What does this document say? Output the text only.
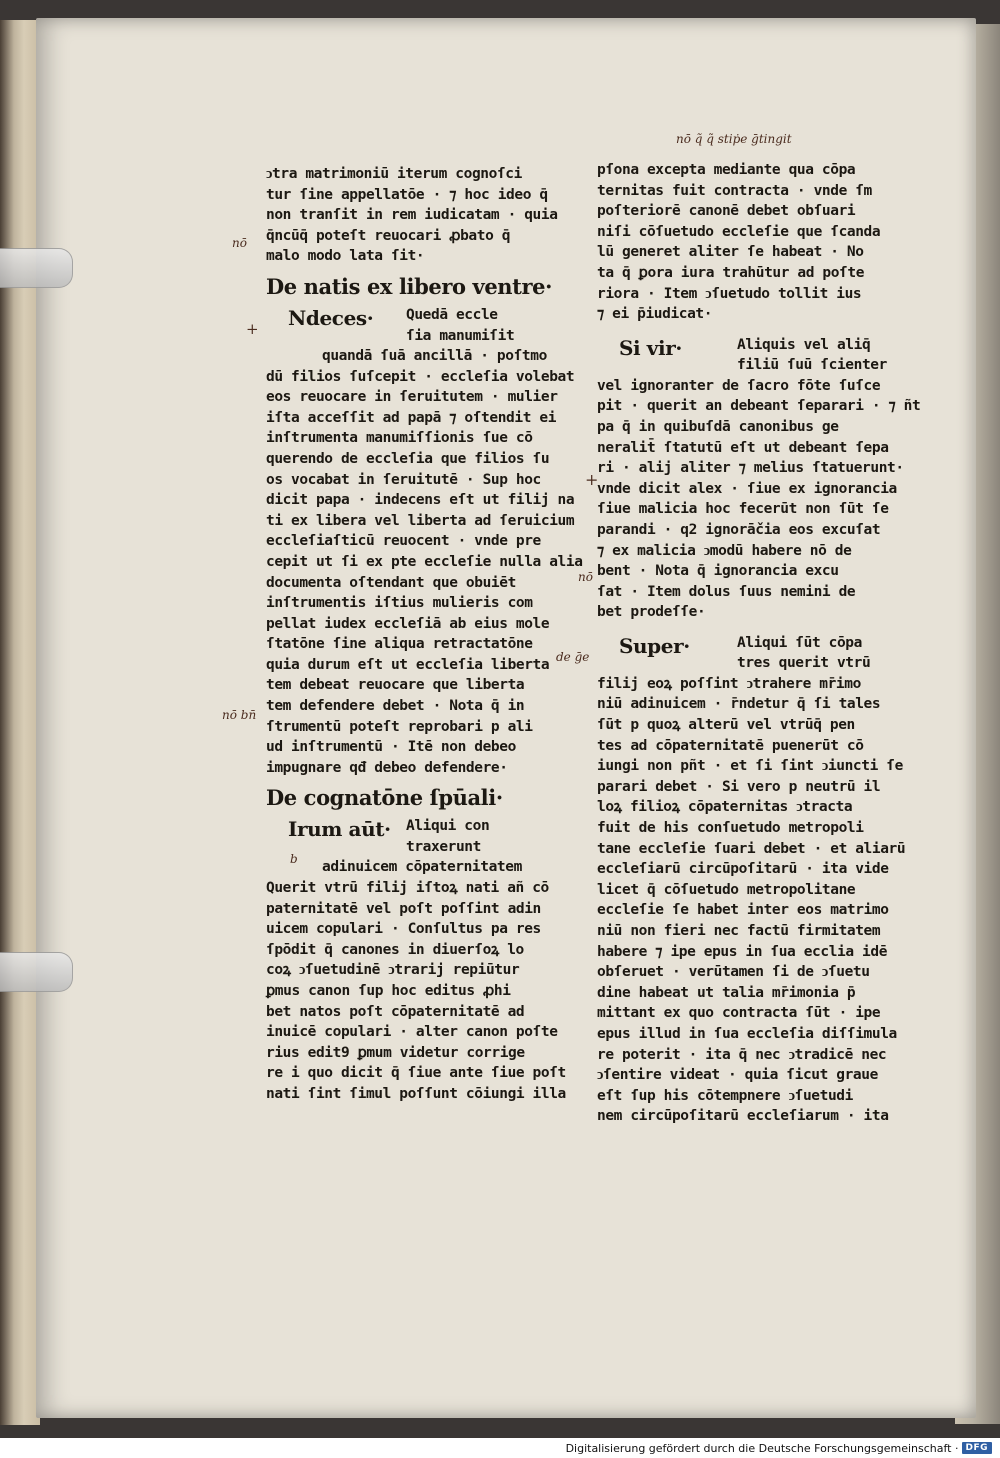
nō q̃ q̃ stiṗe ḡtingit
nō
nō bn̄
+
nō
de ḡe
+
b
ↄtra matrimoniū iterum cognoſci
tur ſine appellatōe · ⁊ hoc ideo q̄
non tranſit in rem iudicatam · quia
q̄ncūq̄ poteſt reuocari ꝓbato q̄
malo modo lata ſit·
De natis ex libero ventre·
Ndeces·	Quedā eccle
ſia manumiſit
quandā ſuā ancillā · poſtmo
dū filios ſuſcepit · eccleſia volebat
eos reuocare in ſeruitutem · mulier
iſta acceſſit ad papā ⁊ oſtendit ei
inſtrumenta manumiſſionis ſue cō
querendo de eccleſia que filios ſu
os vocabat in ſeruitutē · Sup hoc
dicit papa · indecens eſt ut filij na
ti ex libera vel liberta ad ſeruicium
eccleſiaſticū reuocent · vnde pre
cepit ut ſi ex pte eccleſie nulla alia
documenta oſtendant que obuiēt
inſtrumentis iſtius mulieris com
pellat iudex eccleſiā ab eius mole
ſtatōne ſine aliqua retractatōne
quia durum eſt ut eccleſia liberta
tem debeat reuocare que liberta
tem defendere debet · Nota q̄ in
ſtrumentū poteſt reprobari p ali
ud inſtrumentū · Itē non debeo
impugnare qđ debeo defendere·
De cognatōne ſpūali·
Irum aūt·	Aliqui con
traxerunt
adinuicem cōpaternitatem
Querit vtrū filij iſtoꝝ nati añ cō
paternitatē vel poſt poſſint adin
uicem copulari · Conſultus pa res
ſpōdit q̄ canones in diuerſoꝝ lo
coꝝ ↄſuetudinē ↄtrarij repiūtur
ꝑmus canon ſup hoc editus ꝓhi
bet natos poſt cōpaternitatē ad
inuicē copulari · alter canon poſte
rius edit9 ꝑmum videtur corrige
re i quo dicit q̄ ſiue ante ſiue poſt
nati ſint ſimul poſſunt cōiungi illa
pſona excepta mediante qua cōpa
ternitas fuit contracta · vnde ſm
poſteriorē canonē debet obſuari
niſi cōſuetudo eccleſie que ſcanda
lū generet aliter ſe habeat · No
ta q̄ ꝑora iura trahūtur ad poſte
riora · Item ↄſuetudo tollit ius
⁊ ei p̄iudicat·
Si vir·	Aliquis vel aliq̄
filiū ſuū ſcienter
vel ignoranter de ſacro fōte ſuſce
pit · querit an debeant ſeparari · ⁊ ñt
pa q̄ in quibuſdā canonibus ge
neralit̄ ſtatutū eſt ut debeant ſepa
ri · alij aliter ⁊ melius ſtatuerunt·
vnde dicit alex · ſiue ex ignorancia
ſiue malicia hoc fecerūt non ſūt ſe
parandi · q2 ignorāčia eos excuſat
⁊ ex malicia ↄmodū habere nō de
bent · Nota q̄ ignorancia excu
ſat · Item dolus ſuus nemini de
bet prodeſſe·
Super·	Aliqui ſūt cōpa
tres querit vtrū
filij eoꝝ poſſint ↄtrahere mr̄imo
niū adinuicem · r̄ndetur q̄ ſi tales
ſūt p quoꝝ alterū vel vtrūq̄ pen
tes ad cōpaternitatē puenerūt cō
iungi non pñt · et ſi ſint ↄiuncti ſe
parari debet · Si vero p neutrū il
loꝝ filioꝝ cōpaternitas ↄtracta
fuit de his conſuetudo metropoli
tane eccleſie ſuari debet · et aliarū
eccleſiarū circūpoſitarū · ita vide
licet q̄ cōſuetudo metropolitane
eccleſie ſe habet inter eos matrimo
niū non fieri nec factū firmitatem
habere ⁊ ipe epus in ſua ecclia idē
obſeruet · verūtamen ſi de ↄſuetu
dine habeat ut talia mr̄imonia p̄
mittant ex quo contracta ſūt · ipe
epus illud in ſua eccleſia diſſimula
re poterit · ita q̄ nec ↄtradicē nec
ↄſentire videat · quia ſicut graue
eſt ſup his cōtempnere ↄſuetudi
nem circūpoſitarū eccleſiarum · ita
Digitalisierung gefördert durch die Deutsche Forschungsgemeinschaft · DFG
